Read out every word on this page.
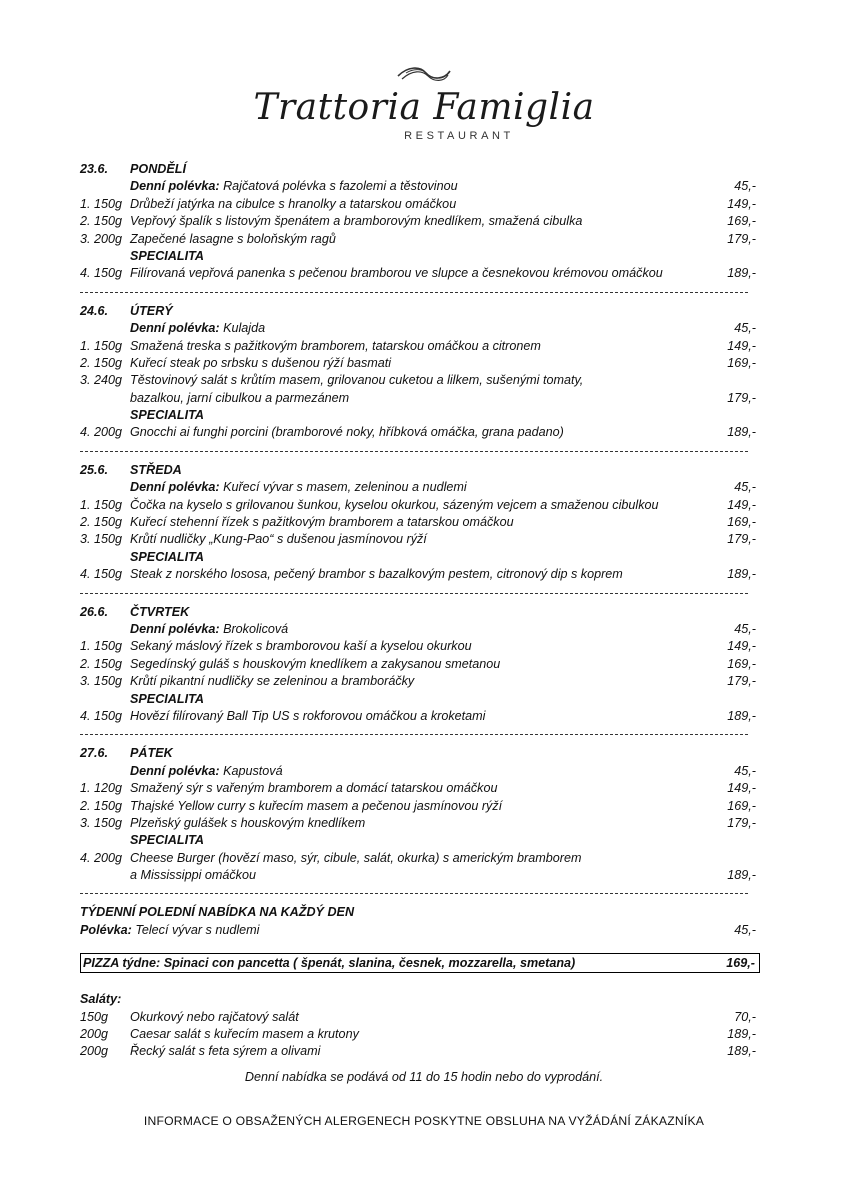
Trattoria Famiglia
RESTAURANT
23.6. PONDĚLÍ
Denní polévka: Rajčatová polévka s fazolemi a těstovinou	45,-
1. 150g Drůbeží jatýrka na cibulce s hranolky a tatarskou omáčkou	149,-
2. 150g Vepřový špalík s listovým špenátem a bramborovým knedlíkem, smažená cibulka	169,-
3. 200g Zapečené lasagne s boloňským ragů	179,-
SPECIALITA
4. 150g Filírovaná vepřová panenka s pečenou bramborou ve slupce a česnekovou krémovou omáčkou	189,-
24.6. ÚTERÝ
Denní polévka: Kulajda	45,-
1. 150g Smažená treska s pažitkovým bramborem, tatarskou omáčkou a citronem	149,-
2. 150g Kuřecí steak po srbsku s dušenou rýží basmati	169,-
3. 240g Těstovinový salát s krůtím masem, grilovanou cuketou a lilkem, sušenými tomaty,
bazalkou, jarní cibulkou a parmezánem	179,-
SPECIALITA
4. 200g Gnocchi ai funghi porcini (bramborové noky, hříbková omáčka, grana padano)	189,-
25.6. STŘEDA
Denní polévka: Kuřecí vývar s masem, zeleninou a nudlemi	45,-
1. 150g Čočka na kyselo s grilovanou šunkou, kyselou okurkou, sázeným vejcem a smaženou cibulkou	149,-
2. 150g Kuřecí stehenní řízek s pažitkovým bramborem a tatarskou omáčkou	169,-
3. 150g Krůtí nudličky „Kung-Pao“ s dušenou jasmínovou rýží	179,-
SPECIALITA
4. 150g Steak z norského lososa, pečený brambor s bazalkovým pestem, citronový dip s koprem	189,-
26.6. ČTVRTEK
Denní polévka: Brokolicová	45,-
1. 150g Sekaný máslový řízek s bramborovou kaší a kyselou okurkou	149,-
2. 150g Segedínský guláš s houskovým knedlíkem a zakysanou smetanou	169,-
3. 150g Krůtí pikantní nudličky se zeleninou a bramboráčky	179,-
SPECIALITA
4. 150g Hovězí filírovaný Ball Tip US s rokforovou omáčkou a kroketami	189,-
27.6. PÁTEK
Denní polévka: Kapustová	45,-
1. 120g Smažený sýr s vařeným bramborem a domácí tatarskou omáčkou	149,-
2. 150g Thajské Yellow curry s kuřecím masem a pečenou jasmínovou rýží	169,-
3. 150g Plzeňský gulášek s houskovým knedlíkem	179,-
SPECIALITA
4. 200g Cheese Burger (hovězí maso, sýr, cibule, salát, okurka) s americkým bramborem
a Mississippi omáčkou	189,-
TÝDENNÍ POLEDNÍ NABÍDKA NA KAŽDÝ DEN
Polévka: Telecí vývar s nudlemi	45,-
PIZZA týdne: Spinaci con pancetta ( špenát, slanina, česnek, mozzarella, smetana)	169,-
Saláty:
150g Okurkový nebo rajčatový salát	70,-
200g Caesar salát s kuřecím masem a krutony	189,-
200g Řecký salát s feta sýrem a olivami	189,-
Denní nabídka se podává od 11 do 15 hodin nebo do vyprodání.
INFORMACE O OBSAŽENÝCH ALERGENECH POSKYTNE OBSLUHA NA VYŽÁDÁNÍ ZÁKAZNÍKA
